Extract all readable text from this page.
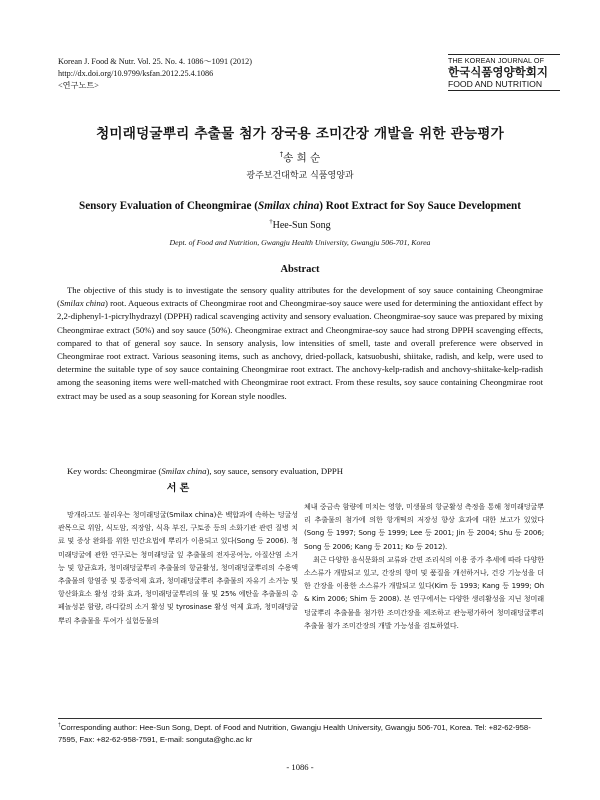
Korean J. Food & Nutr. Vol. 25. No. 4. 1086～1091 (2012)
http://dx.doi.org/10.9799/ksfan.2012.25.4.1086
<연구노트>
THE KOREAN JOURNAL OF
한국식품영양학회지
FOOD AND NUTRITION
청미래덩굴뿌리 추출물 첨가 장국용 조미간장 개발을 위한 관능평가
†송 희 순
광주보건대학교 식품영양과
Sensory Evaluation of Cheongmirae (Smilax china) Root Extract for Soy Sauce Development
†Hee-Sun Song
Dept. of Food and Nutrition, Gwangju Health University, Gwangju 506-701, Korea
Abstract

The objective of this study is to investigate the sensory quality attributes for the development of soy sauce containing Cheongmirae (Smilax china) root. Aqueous extracts of Cheongmirae root and Cheongmirae-soy sauce were used for determining the antioxidant effect by 2,2-diphenyl-1-picrylhydrazyl (DPPH) radical scavenging activity and sensory evaluation. Cheongmirae-soy sauce was prepared by mixing Cheongmirae extract (50%) and soy sauce (50%). Cheongmirae extract and Cheongmirae-soy sauce had strong DPPH scavenging effects, compared to that of general soy sauce. In sensory analysis, low intensities of smell, taste and overall preference were observed in Cheongmirae root extract. Various seasoning items, such as anchovy, dried-pollack, katsuobushi, shiitake, radish, and kelp, were used to determine the suitable type of soy sauce containing Cheongmirae root extract. The anchovy-kelp-radish and anchovy-shiitake-kelp-radish among the seasoning items were well-matched with Cheongmirae root extract. From these results, soy sauce containing Cheongmirae root extract may be used as a soup seasoning for Korean style noodles.

Key words: Cheongmirae (Smilax china), soy sauce, sensory evaluation, DPPH
서 론

망개라고도 불리우는 청미래덩굴(Smilax china)은 백합과에 속하는 덩굴성 관목으로 위암, 식도암, 직장암, 식욕 부진, 구토증 등의 소화기관 관련 질병 치료 및 증상 완화를 위한 민간요법에 뿌리가 이용되고 있다(Song 등 2006). 청미래덩굴에 관한 연구로는 청미래덩굴 잎 추출물의 전자공여능, 아질산염 소거능 및 항균효과, 청미래덩굴뿌리 추출물의 항균활성, 청미래덩굴뿌리의 수용액 추출물의 항염증 및 통증억제 효과, 청미래덩굴뿌리 추출물의 자유기 소거능 및 항산화효소 활성 강화 효과, 청미래덩굴뿌리의 물 및 25% 에탄올 추출물의 총 페놀성분 함량, 라디칼의 소거 활성 및 tyrosinase 활성 억제 효과, 청미래덩굴뿌리 추출물을 투여가 실험동물의

체내 중금속 함량에 미치는 영향, 미생물의 항균활성 측정을 통해 청미래덩굴뿌리 추출물의 첨가에 의한 항개떡의 저장성 향상 효과에 대한 보고가 있었다(Song 등 1997; Song 등 1999; Lee 등 2001; Jin 등 2004; Shu 등 2006; Song 등 2006; Kang 등 2011; Ko 등 2012).

최근 다양한 음식문화의 교류와 간편 조리식의 이용 증가 추세에 따라 다양한 소스류가 개발되고 있고, 간장의 향미 및 품질을 개선하거나, 건강 기능성을 더한 간장을 이용한 소스류가 개발되고 있다(Kim 등 1993; Kang 등 1999; Oh & Kim 2006; Shim 등 2008). 본 연구에서는 다양한 생리활성을 지닌 청미래덩굴뿌리 추출물을 첨가한 조미간장을 제조하고 관능평가하여 청미래덩굴뿌리 추출물 첨가 조미간장의 개발 가능성을 검토하였다.

†Corresponding author: Hee-Sun Song, Dept. of Food and Nutrition, Gwangju Health University, Gwangju 506-701, Korea. Tel: +82-62-958-7595, Fax: +82-62-958-7591, E-mail: songuta@ghc.ac kr
- 1086 -
